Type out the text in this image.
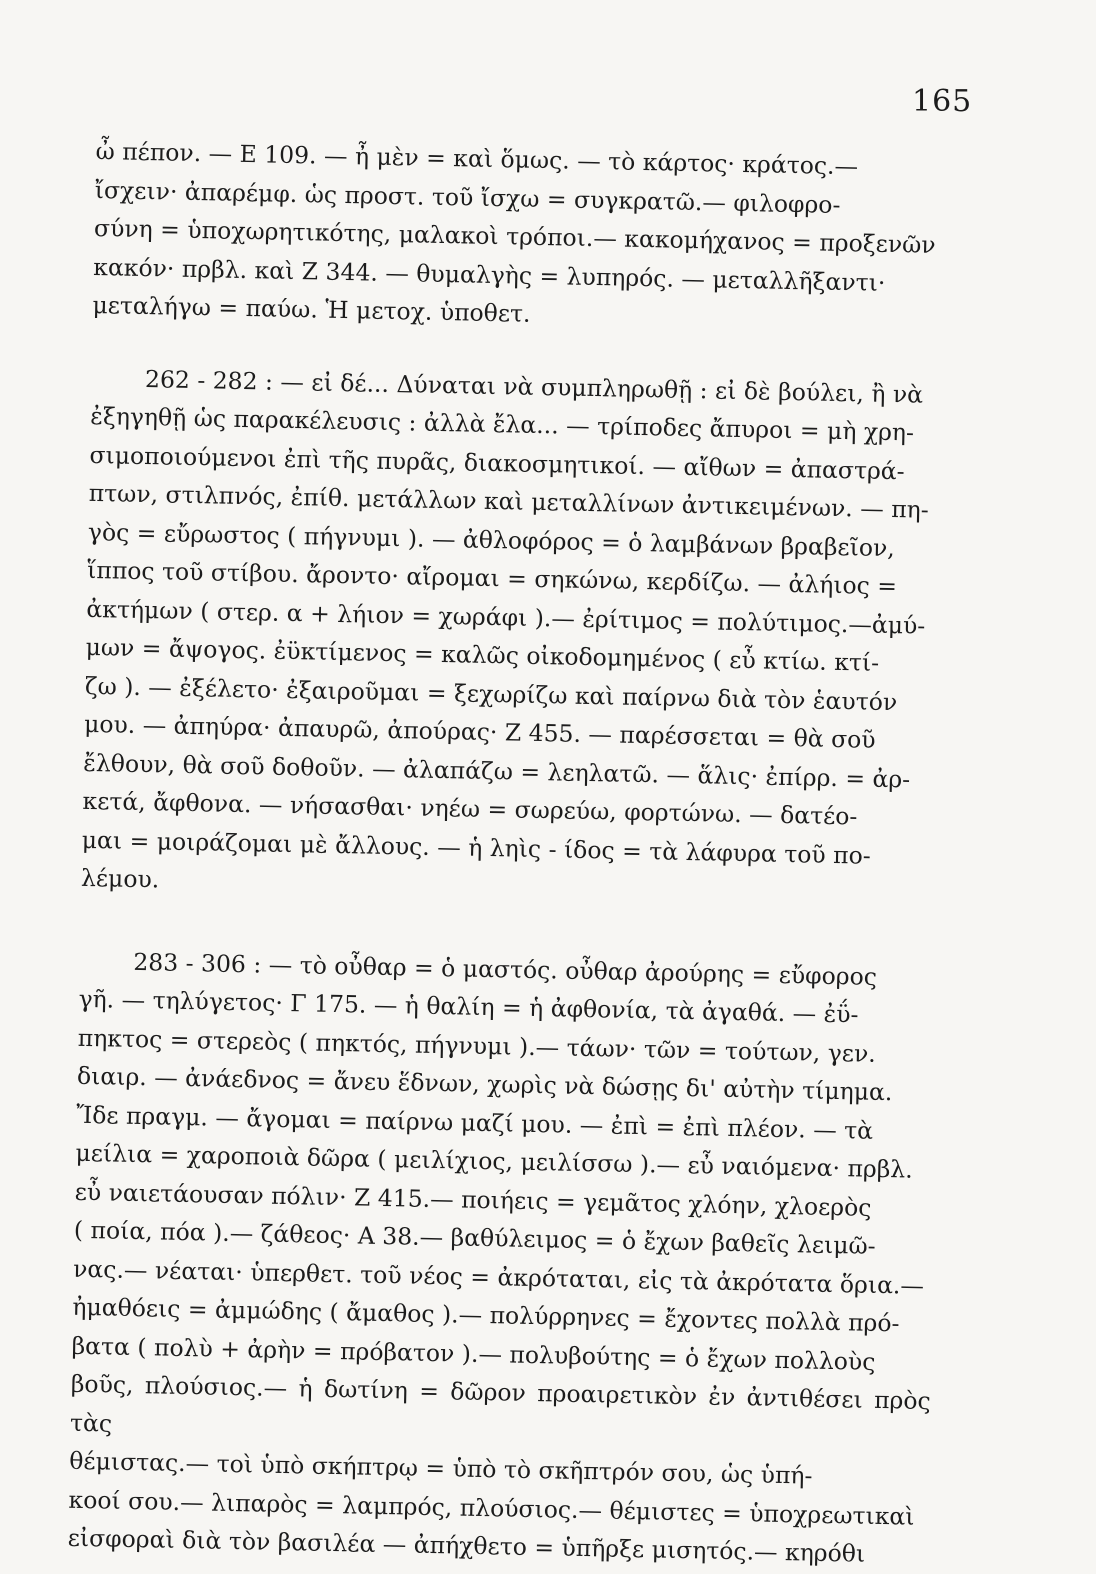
165

ὦ πέπον. — Ε 109. — ἦ μὲν = καὶ ὅμως. — τὸ κάρτος· κράτος.—
ἴσχειν· ἀπαρέμφ. ὡς προστ. τοῦ ἴσχω = συγκρατῶ.— φιλοφρο-
σύνη = ὑποχωρητικότης, μαλακοὶ τρόποι.— κακομήχανος = προξενῶν
κακόν· πρβλ. καὶ Ζ 344. — θυμαλγὴς = λυπηρός. — μεταλλῆξαντι·
μεταλήγω = παύω. Ἡ μετοχ. ὑποθετ.

262 - 282 : — εἰ δέ... Δύναται νὰ συμπληρωθῇ : εἰ δὲ βούλει, ἢ νὰ
ἐξηγηθῇ ὡς παρακέλευσις : ἀλλὰ ἔλα... — τρίποδες ἄπυροι = μὴ χρη-
σιμοποιούμενοι ἐπὶ τῆς πυρᾶς, διακοσμητικοί. — αἴθων = ἀπαστρά-
πτων, στιλπνός, ἐπίθ. μετάλλων καὶ μεταλλίνων ἀντικειμένων. — πη-
γὸς = εὔρωστος ( πήγνυμι ). — ἀθλοφόρος = ὁ λαμβάνων βραβεῖον,
ἵππος τοῦ στίβου. ἄροντο· αἴρομαι = σηκώνω, κερδίζω. — ἀλήιος =
ἀκτήμων ( στερ. α + λήιον = χωράφι ).— ἐρίτιμος = πολύτιμος.—ἀμύ-
μων = ἄψογος. ἐϋκτίμενος = καλῶς οἰκοδομημένος ( εὖ κτίω. κτί-
ζω ). — ἐξέλετο· ἐξαιροῦμαι = ξεχωρίζω καὶ παίρνω διὰ τὸν ἑαυτόν
μου. — ἀπηύρα· ἀπαυρῶ, ἀπούρας· Ζ 455. — παρέσσεται = θὰ σοῦ
ἔλθουν, θὰ σοῦ δοθοῦν. — ἀλαπάζω = λεηλατῶ. — ἅλις· ἐπίρρ. = ἀρ-
κετά, ἄφθονα. — νήσασθαι· νηέω = σωρεύω, φορτώνω. — δατέο-
μαι = μοιράζομαι μὲ ἄλλους. — ἡ ληὶς - ίδος = τὰ λάφυρα τοῦ πο-
λέμου.

283 - 306 : — τὸ οὖθαρ = ὁ μαστός. οὖθαρ ἀρούρης = εὔφορος
γῆ. — τηλύγετος· Γ 175. — ἡ θαλίη = ἡ ἀφθονία, τὰ ἀγαθά. — ἐΰ-
πηκτος = στερεὸς ( πηκτός, πήγνυμι ).— τάων· τῶν = τούτων, γεν.
διαιρ. — ἀνάεδνος = ἄνευ ἕδνων, χωρὶς νὰ δώσῃς δι' αὐτὴν τίμημα.
Ἴδε πραγμ. — ἄγομαι = παίρνω μαζί μου. — ἐπὶ = ἐπὶ πλέον. — τὰ
μείλια = χαροποιὰ δῶρα ( μειλίχιος, μειλίσσω ).— εὖ ναιόμενα· πρβλ.
εὖ ναιετάουσαν πόλιν· Ζ 415.— ποιήεις = γεμᾶτος χλόην, χλοερὸς
( ποία, πόα ).— ζάθεος· Α 38.— βαθύλειμος = ὁ ἔχων βαθεῖς λειμῶ-
νας.— νέαται· ὑπερθετ. τοῦ νέος = ἀκρόταται, εἰς τὰ ἀκρότατα ὅρια.—
ἠμαθόεις = ἀμμώδης ( ἄμαθος ).— πολύρρηνες = ἔχοντες πολλὰ πρό-
βατα ( πολὺ + ἀρὴν = πρόβατον ).— πολυβούτης = ὁ ἔχων πολλοὺς
βοῦς, πλούσιος.— ἡ δωτίνη = δῶρον προαιρετικὸν ἐν ἀντιθέσει πρὸς τὰς
θέμιστας.— τοὶ ὑπὸ σκήπτρῳ = ὑπὸ τὸ σκῆπτρόν σου, ὡς ὑπή-
κοοί σου.— λιπαρὸς = λαμπρός, πλούσιος.— θέμιστες = ὑποχρεωτικαὶ
εἰσφοραὶ διὰ τὸν βασιλέα — ἀπήχθετο = ὑπῆρξε μισητός.— κηρόθι
